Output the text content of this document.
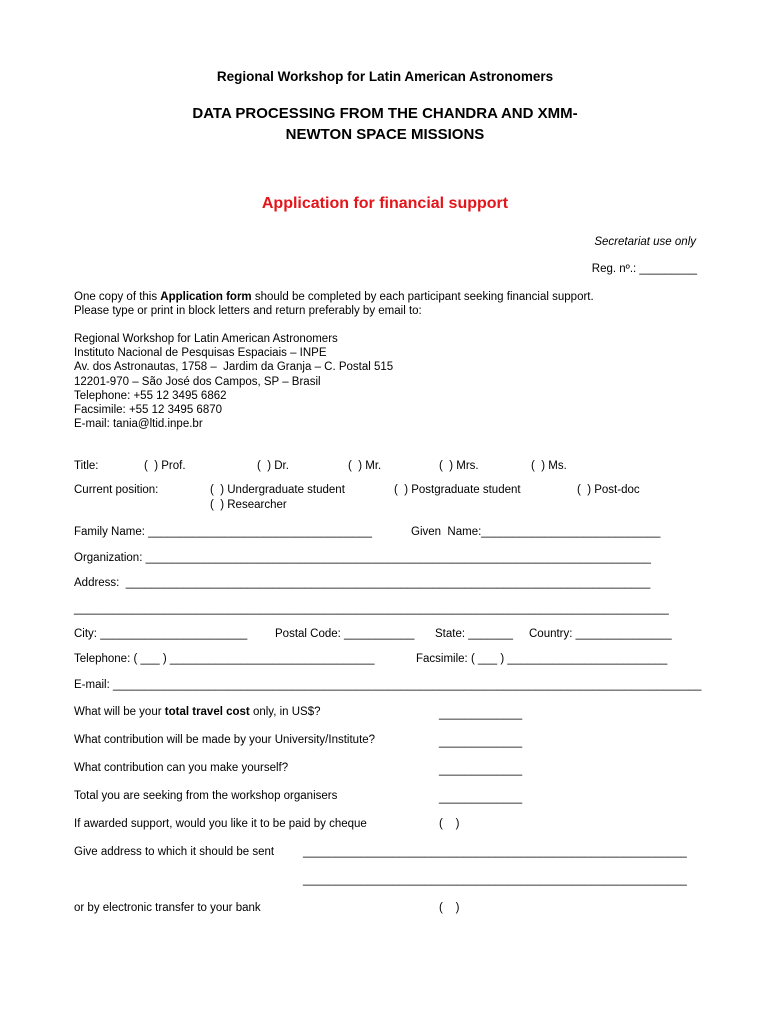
Regional Workshop for Latin American Astronomers
DATA PROCESSING FROM THE CHANDRA AND XMM-
NEWTON SPACE MISSIONS
Application for financial support
Secretariat use only
Reg. nº.: _________
One copy of this Application form should be completed by each participant seeking financial support.
Please type or print in block letters and return preferably by email to:
Regional Workshop for Latin American Astronomers
Instituto Nacional de Pesquisas Espaciais – INPE
Av. dos Astronautas, 1758 –  Jardim da Granja – C. Postal 515
12201-970 – São José dos Campos, SP – Brasil
Telephone: +55 12 3495 6862
Facsimile: +55 12 3495 6870
E-mail: tania@ltid.inpe.br
Title:	(  ) Prof.	(  ) Dr.	(  ) Mr.	(  ) Mrs.	(  ) Ms.
Current position:	(  ) Undergraduate student	(  ) Postgraduate student	(  ) Post-doc
(  ) Researcher
Family Name: ___________________________________	Given  Name:____________________________
Organization: _______________________________________________________________________________
Address:  __________________________________________________________________________________
_____________________________________________________________________________________________
City: _______________________ Postal Code: ___________ State: _______ Country: _______________
Telephone: ( ___ ) ________________________________	Facsimile: ( ___ ) _________________________
E-mail: ____________________________________________________________________________________________
What will be your total travel cost only, in US$?	_____________
What contribution will be made by your University/Institute?	_____________
What contribution can you make yourself?	_____________
Total you are seeking from the workshop organisers	_____________
If awarded support, would you like it to be paid by cheque	(    )
Give address to which it should be sent	____________________________________________________________
____________________________________________________________
or by electronic transfer to your bank	(    )
